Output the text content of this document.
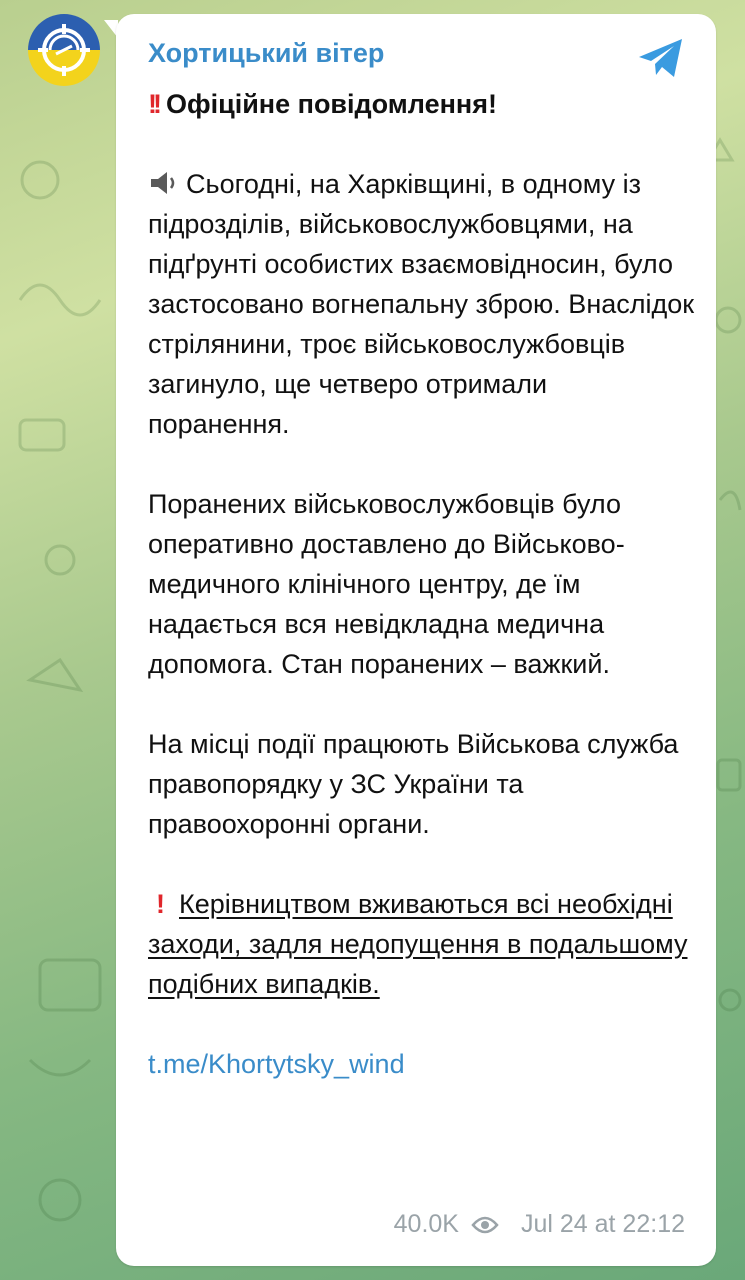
Хортицький вітер
!! Офіційне повідомлення!
Сьогодні, на Харківщині, в одному із підрозділів, військовослужбовцями, на підґрунті особистих взаємовідносин, було застосовано вогнепальну зброю. Внаслідок стрілянини, троє військовослужбовців загинуло, ще четверо отримали поранення.
Поранених військовослужбовців було оперативно доставлено до Військово-медичного клінічного центру, де їм надається вся невідкладна медична допомога. Стан поранених – важкий.
На місці події працюють Військова служба правопорядку у ЗС України та правоохоронні органи.
! Керівництвом вживаються всі необхідні заходи, задля недопущення в подальшому подібних випадків.
t.me/Khortytsky_wind
40.0K Jul 24 at 22:12
